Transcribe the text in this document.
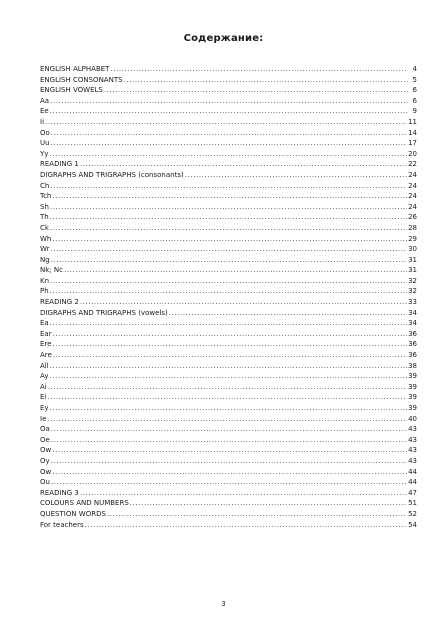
Содержание:
ENGLISH ALPHABET .....	4
ENGLISH CONSONANTS .....	5
ENGLISH VOWELS .....	6
Aa .....	6
Ee .....	9
Ii .....	11
Oo .....	14
Uu .....	17
Yy .....	20
READING 1 .....	22
DIGRAPHS AND TRIGRAPHS (consonants) .....	24
Ch .....	24
Tch .....	24
Sh .....	24
Th .....	26
Ck .....	28
Wh .....	29
Wr .....	30
Ng .....	31
Nk; Nc .....	31
Kn .....	32
Ph .....	32
READING 2 .....	33
DIGRAPHS AND TRIGRAPHS (vowels) .....	34
Ea .....	34
Ear .....	36
Ere .....	36
Are .....	36
All .....	38
Ay .....	39
Ai .....	39
Ei .....	39
Ey .....	39
Ie .....	40
Oa .....	43
Oe .....	43
Ow .....	43
Oy .....	43
Ow .....	44
Ou .....	44
READING 3 .....	47
COLOURS AND NUMBERS .....	51
QUESTION WORDS .....	52
For teachers .....	54
3
